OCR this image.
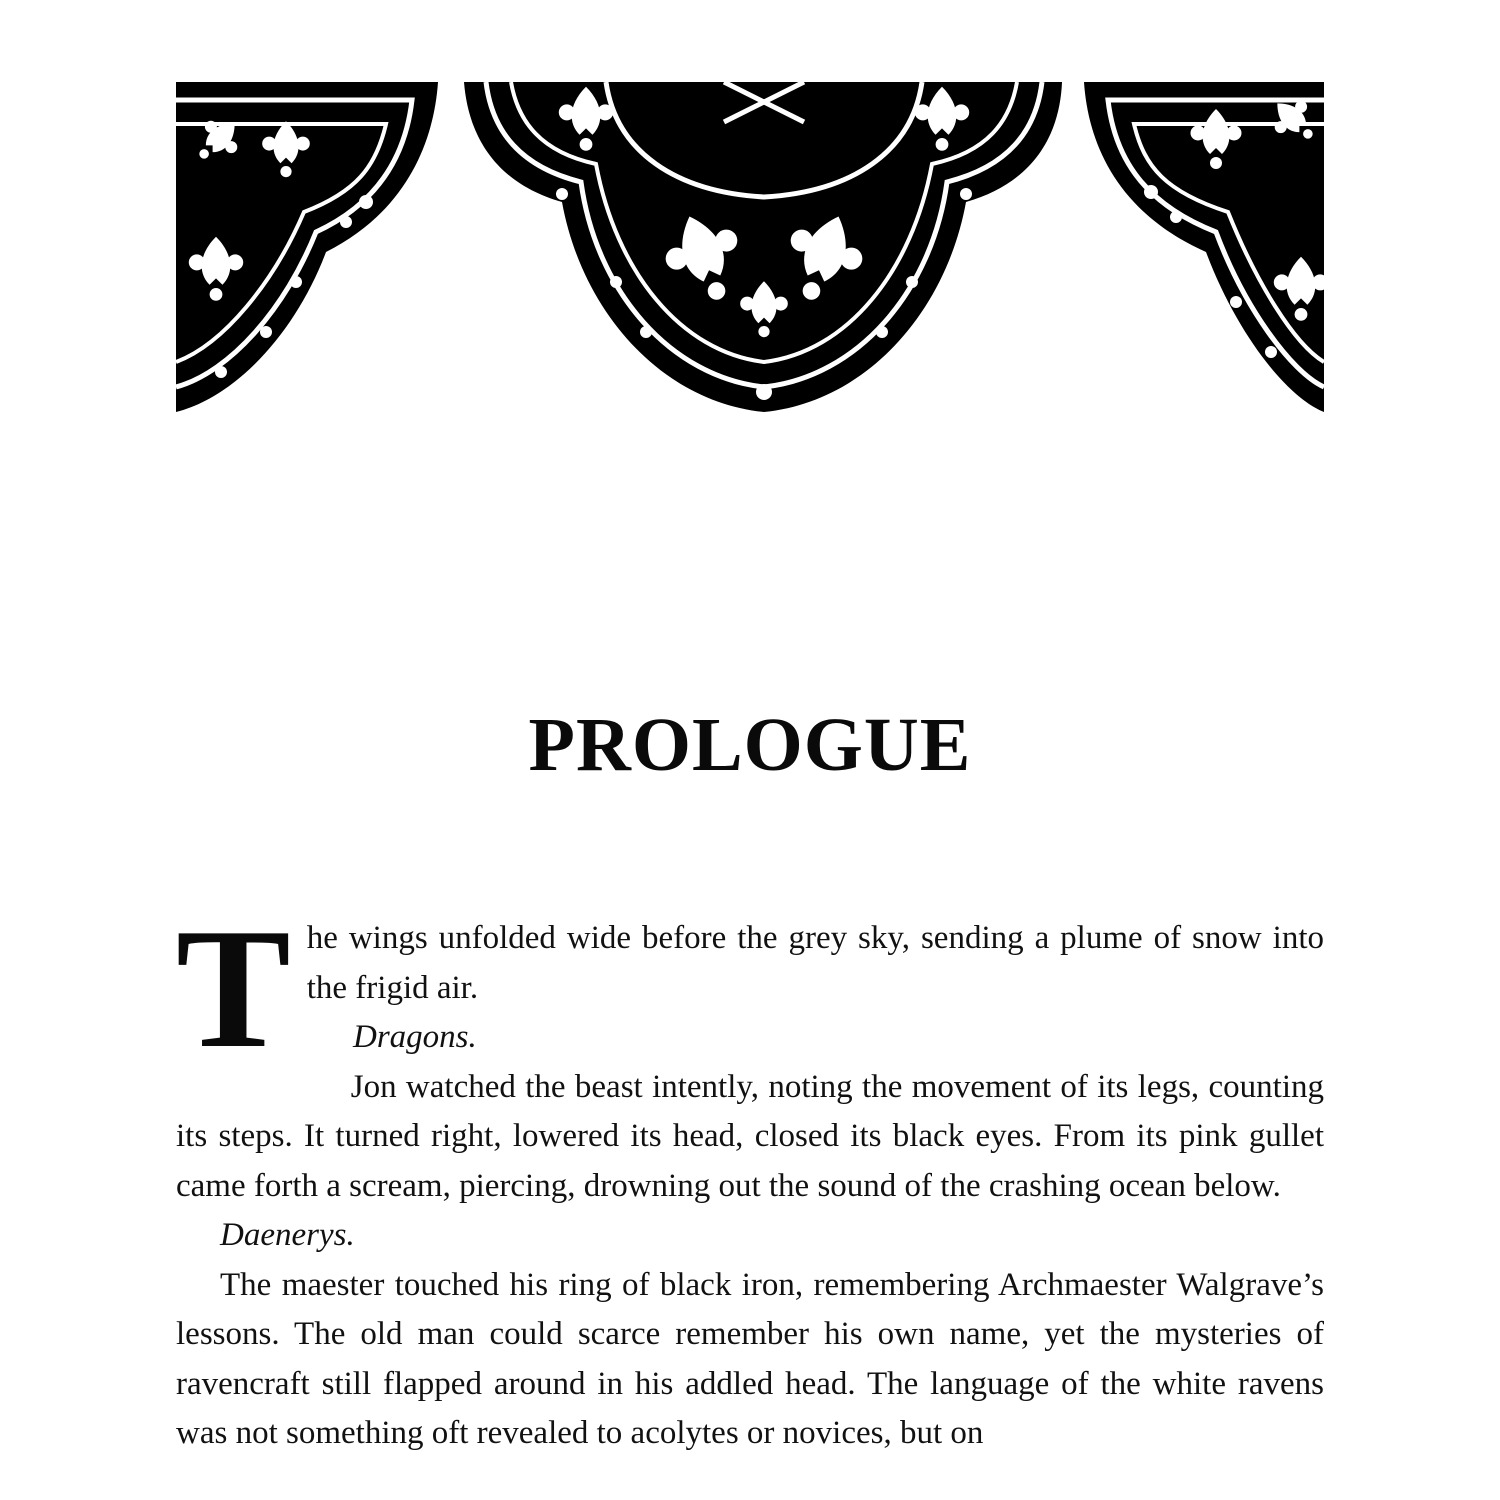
PROLOGUE

The wings unfolded wide before the grey sky, sending a plume of snow into the frigid air.

Dragons.

Jon watched the beast intently, noting the movement of its legs, counting its steps. It turned right, lowered its head, closed its black eyes. From its pink gullet came forth a scream, piercing, drowning out the sound of the crashing ocean below.

Daenerys.

The maester touched his ring of black iron, remembering Archmaester Walgrave’s lessons. The old man could scarce remember his own name, yet the mysteries of ravencraft still flapped around in his addled head. The language of the white ravens was not something oft revealed to acolytes or novices, but on
